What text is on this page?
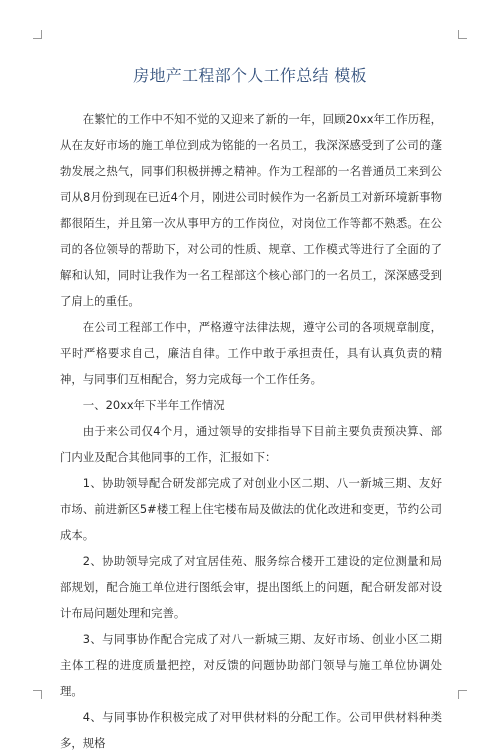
房地产工程部个人工作总结 模板

在繁忙的工作中不知不觉的又迎来了新的一年，回顾20xx年工作历程，从在友好市场的施工单位到成为铭能的一名员工，我深深感受到了公司的蓬勃发展之热气，同事们积极拼搏之精神。作为工程部的一名普通员工来到公司从8月份到现在已近4个月，刚进公司时候作为一名新员工对新环境新事物都很陌生，并且第一次从事甲方的工作岗位，对岗位工作等都不熟悉。在公司的各位领导的帮助下，对公司的性质、规章、工作模式等进行了全面的了解和认知，同时让我作为一名工程部这个核心部门的一名员工，深深感受到了肩上的重任。

在公司工程部工作中，严格遵守法律法规，遵守公司的各项规章制度，平时严格要求自己，廉洁自律。工作中敢于承担责任，具有认真负责的精神，与同事们互相配合，努力完成每一个工作任务。

一、20xx年下半年工作情况

由于来公司仅4个月，通过领导的安排指导下目前主要负责预决算、部门内业及配合其他同事的工作，汇报如下：

1、协助领导配合研发部完成了对创业小区二期、八一新城三期、友好市场、前进新区5#楼工程上住宅楼布局及做法的优化改进和变更，节约公司成本。

2、协助领导完成了对宜居佳苑、服务综合楼开工建设的定位测量和局部规划，配合施工单位进行图纸会审，提出图纸上的问题，配合研发部对设计布局问题处理和完善。

3、与同事协作配合完成了对八一新城三期、友好市场、创业小区二期主体工程的进度质量把控，对反馈的问题协助部门领导与施工单位协调处理。

4、与同事协作积极完成了对甲供材料的分配工作。公司甲供材料种类多，规格
